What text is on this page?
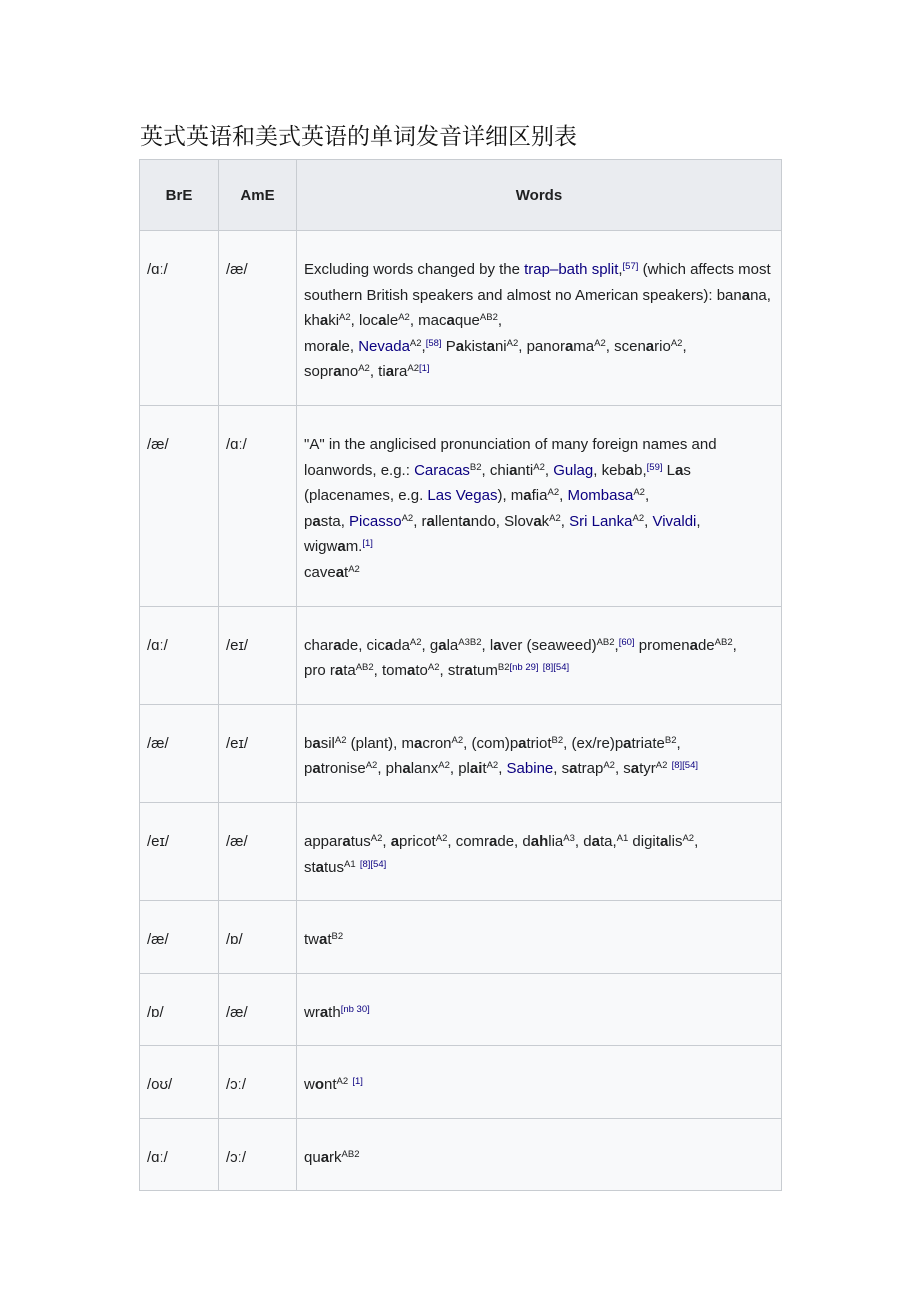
英式英语和美式英语的单词发音详细区别表
BrE	AmE	Words
/ɑː/	/æ/	Excluding words changed by the trap–bath split,[57] (which affects most southern British speakers and almost no American speakers): banana, khaki$^{A2}$, locale$^{A2}$, macaque$^{AB2}$,
morale, Nevada$^{A2}$,[58] Pakistani$^{A2}$, panorama$^{A2}$, scenario$^{A2}$,
soprano$^{A2}$, tiara$^{A2[1]}$
/æ/	/ɑː/	"A" in the anglicised pronunciation of many foreign names and loanwords, e.g.: Caracas$^{B2}$, chianti$^{A2}$, Gulag, kebab,[59] Las (placenames, e.g. Las Vegas), mafia$^{A2}$, Mombasa$^{A2}$,
pasta, Picasso$^{A2}$, rallentando, Slovak$^{A2}$, Sri Lanka$^{A2}$, Vivaldi,
wigwam.[1]
caveat$^{A2}$
/ɑː/	/eɪ/	charade, cicada$^{A2}$, gala$^{A3B2}$, laver (seaweed)$^{AB2}$,[60] promenade$^{AB2}$,
pro rata$^{AB2}$, tomato$^{A2}$, stratum$^{B2[nb 29]}$ [8][54]
/æ/	/eɪ/	basil$^{A2}$ (plant), macron$^{A2}$, (com)patriot$^{B2}$, (ex/re)patriate$^{B2}$,
patronise$^{A2}$, phalanx$^{A2}$, plait$^{A2}$, Sabine, satrap$^{A2}$, satyr$^{A2}$ [8][54]
/eɪ/	/æ/	apparatus$^{A2}$, apricot$^{A2}$, comrade, dahlia$^{A3}$, data,$^{A1}$ digitalis$^{A2}$,
status$^{A1}$ [8][54]
/æ/	/ɒ/	twat$^{B2}$
/ɒ/	/æ/	wrath[nb 30]
/oʊ/	/ɔː/	wont$^{A2}$ [1]
/ɑː/	/ɔː/	quark$^{AB2}$
